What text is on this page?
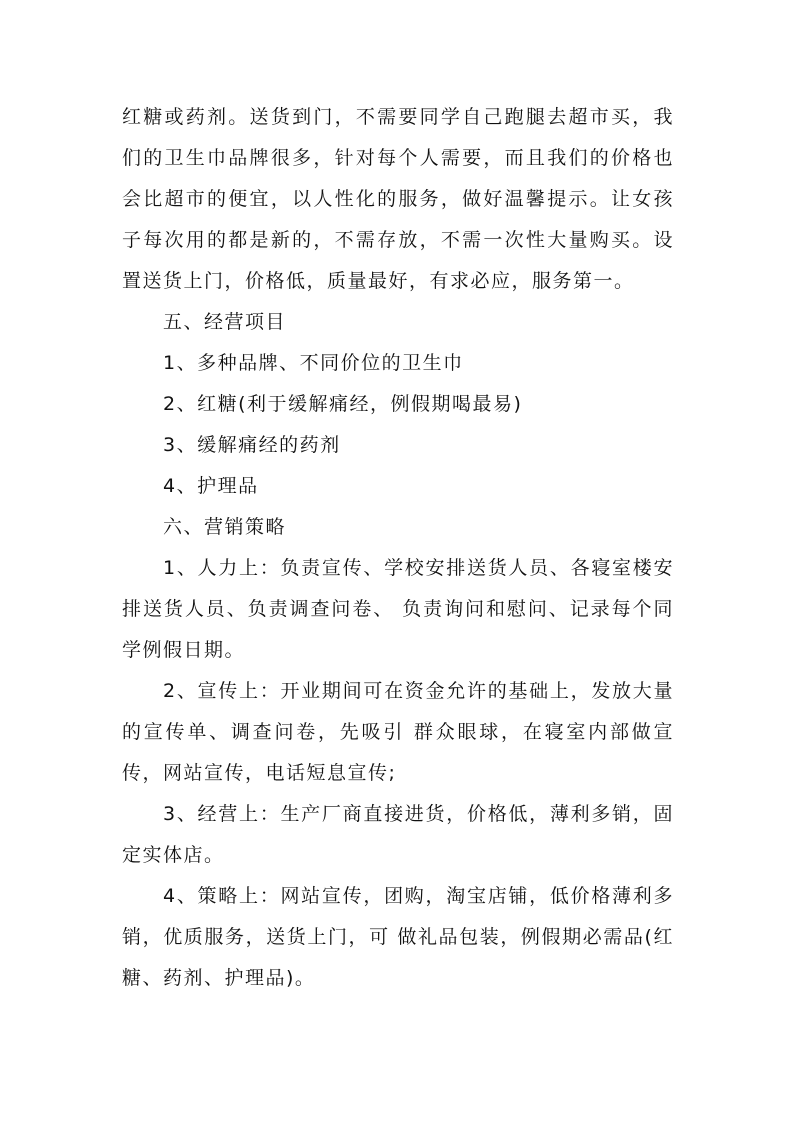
红糖或药剂。送货到门，不需要同学自己跑腿去超市买，我们的卫生巾品牌很多，针对每个人需要，而且我们的价格也会比超市的便宜，以人性化的服务，做好温馨提示。让女孩子每次用的都是新的，不需存放，不需一次性大量购买。设置送货上门，价格低，质量最好，有求必应，服务第一。

五、经营项目

1、多种品牌、不同价位的卫生巾

2、红糖(利于缓解痛经，例假期喝最易)

3、缓解痛经的药剂

4、护理品

六、营销策略

1、人力上：负责宣传、学校安排送货人员、各寝室楼安排送货人员、负责调查问卷、 负责询问和慰问、记录每个同学例假日期。

2、宣传上：开业期间可在资金允许的基础上，发放大量的宣传单、调查问卷，先吸引 群众眼球，在寝室内部做宣传，网站宣传，电话短息宣传;

3、经营上：生产厂商直接进货，价格低，薄利多销，固定实体店。

4、策略上：网站宣传，团购，淘宝店铺，低价格薄利多销，优质服务，送货上门，可 做礼品包装，例假期必需品(红糖、药剂、护理品)。
